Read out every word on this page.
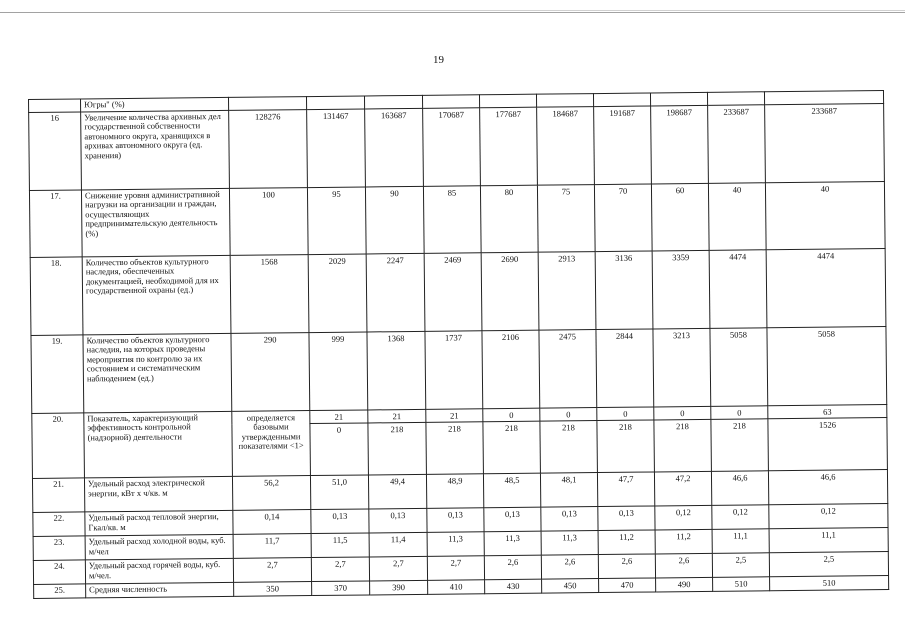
19
	Югры" (%)										
16	Увеличение количества архивных дел государственной собственности автономного округа, хранящихся в архивах автономного округа (ед. хранения)	128276	131467	163687	170687	177687	184687	191687	198687	233687	233687
17.	Снижение уровня административной нагрузки на организации и граждан, осуществляющих предпринимательскую деятельность (%)	100	95	90	85	80	75	70	60	40	40
18.	Количество объектов культурного наследия, обеспеченных документацией, необходимой для их государственной охраны (ед.)	1568	2029	2247	2469	2690	2913	3136	3359	4474	4474
19.	Количество объектов культурного наследия, на которых проведены мероприятия по контролю за их состоянием и систематическим наблюдением (ед.)	290	999	1368	1737	2106	2475	2844	3213	5058	5058
20.	Показатель, характеризующий эффективность контрольной (надзорной) деятельности	определяется базовыми утвержденными показателями <1>	21	21	21	0	0	0	0	0	63
			0	218	218	218	218	218	218	218	1526
21.	Удельный расход электрической энергии, кВт х ч/кв. м	56,2	51,0	49,4	48,9	48,5	48,1	47,7	47,2	46,6	46,6
22.	Удельный расход тепловой энергии, Гкал/кв. м	0,14	0,13	0,13	0,13	0,13	0,13	0,13	0,12	0,12	0,12
23.	Удельный расход холодной воды, куб. м/чел	11,7	11,5	11,4	11,3	11,3	11,3	11,2	11,2	11,1	11,1
24.	Удельный расход горячей воды, куб. м/чел.	2,7	2,7	2,7	2,7	2,6	2,6	2,6	2,6	2,5	2,5
25.	Средняя численность	350	370	390	410	430	450	470	490	510	510
